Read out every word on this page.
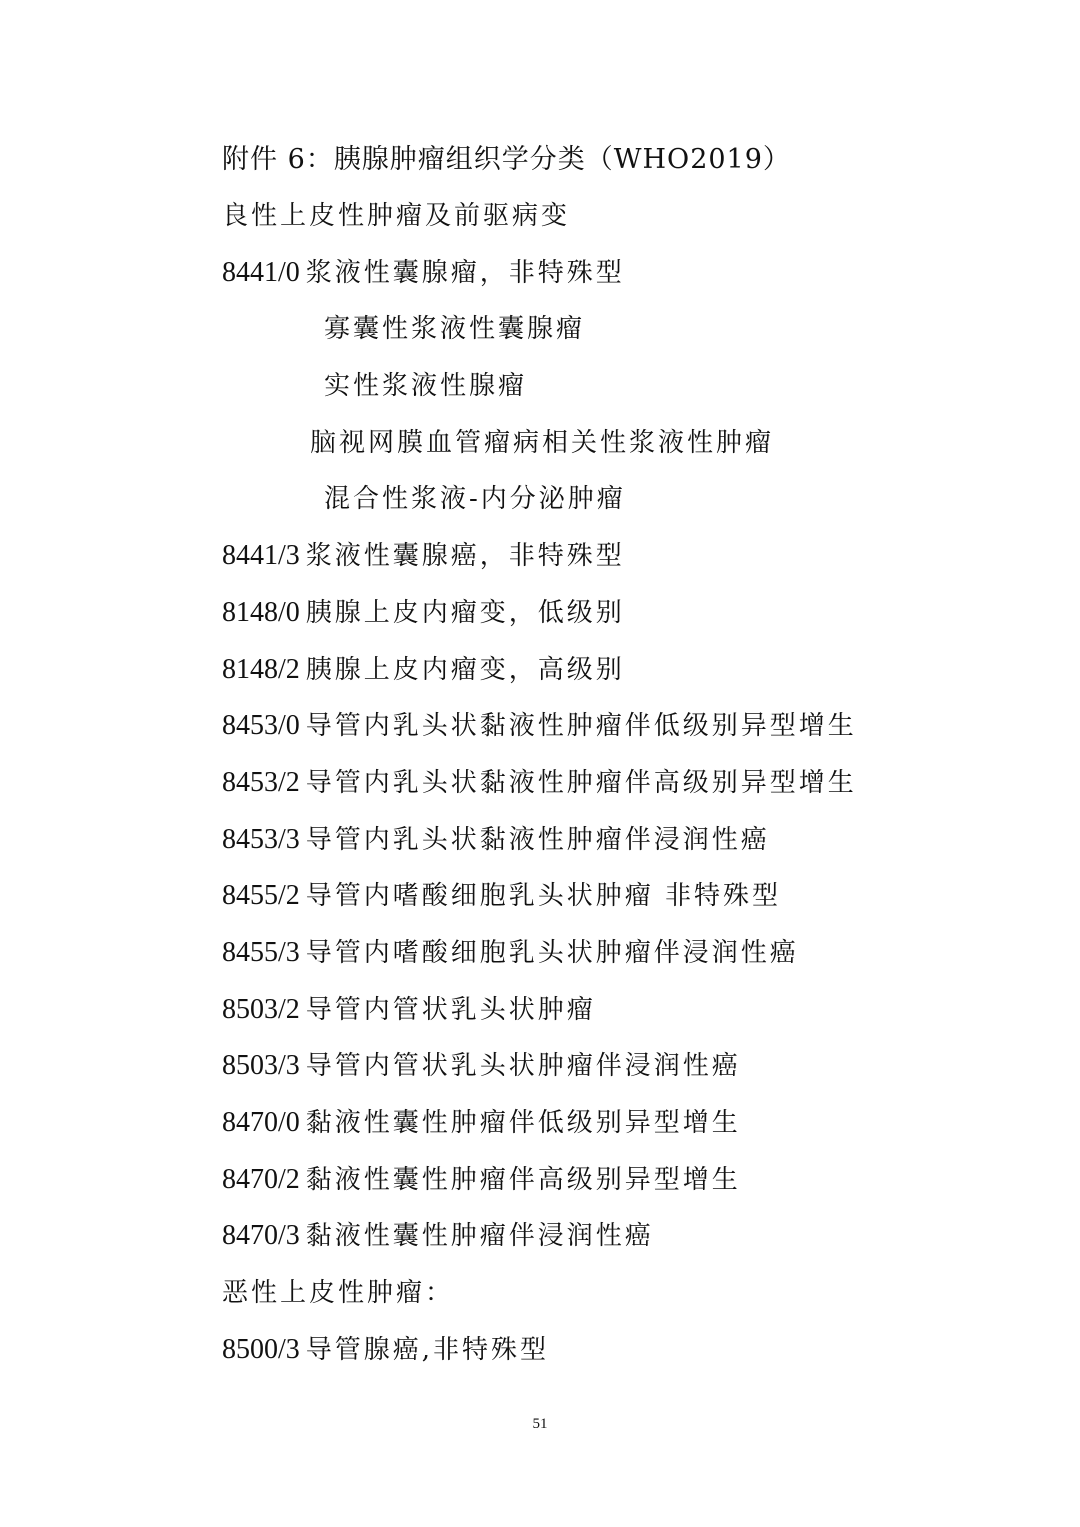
附件 6：胰腺肿瘤组织学分类（WHO2019）
良性上皮性肿瘤及前驱病变
8441/0 浆液性囊腺瘤，非特殊型
寡囊性浆液性囊腺瘤
实性浆液性腺瘤
脑视网膜血管瘤病相关性浆液性肿瘤
混合性浆液-内分泌肿瘤
8441/3 浆液性囊腺癌，非特殊型
8148/0 胰腺上皮内瘤变，低级别
8148/2 胰腺上皮内瘤变，高级别
8453/0 导管内乳头状黏液性肿瘤伴低级别异型增生
8453/2 导管内乳头状黏液性肿瘤伴高级别异型增生
8453/3 导管内乳头状黏液性肿瘤伴浸润性癌
8455/2 导管内嗜酸细胞乳头状肿瘤 非特殊型
8455/3 导管内嗜酸细胞乳头状肿瘤伴浸润性癌
8503/2 导管内管状乳头状肿瘤
8503/3 导管内管状乳头状肿瘤伴浸润性癌
8470/0 黏液性囊性肿瘤伴低级别异型增生
8470/2 黏液性囊性肿瘤伴高级别异型增生
8470/3 黏液性囊性肿瘤伴浸润性癌
恶性上皮性肿瘤：
8500/3 导管腺癌,非特殊型
51
